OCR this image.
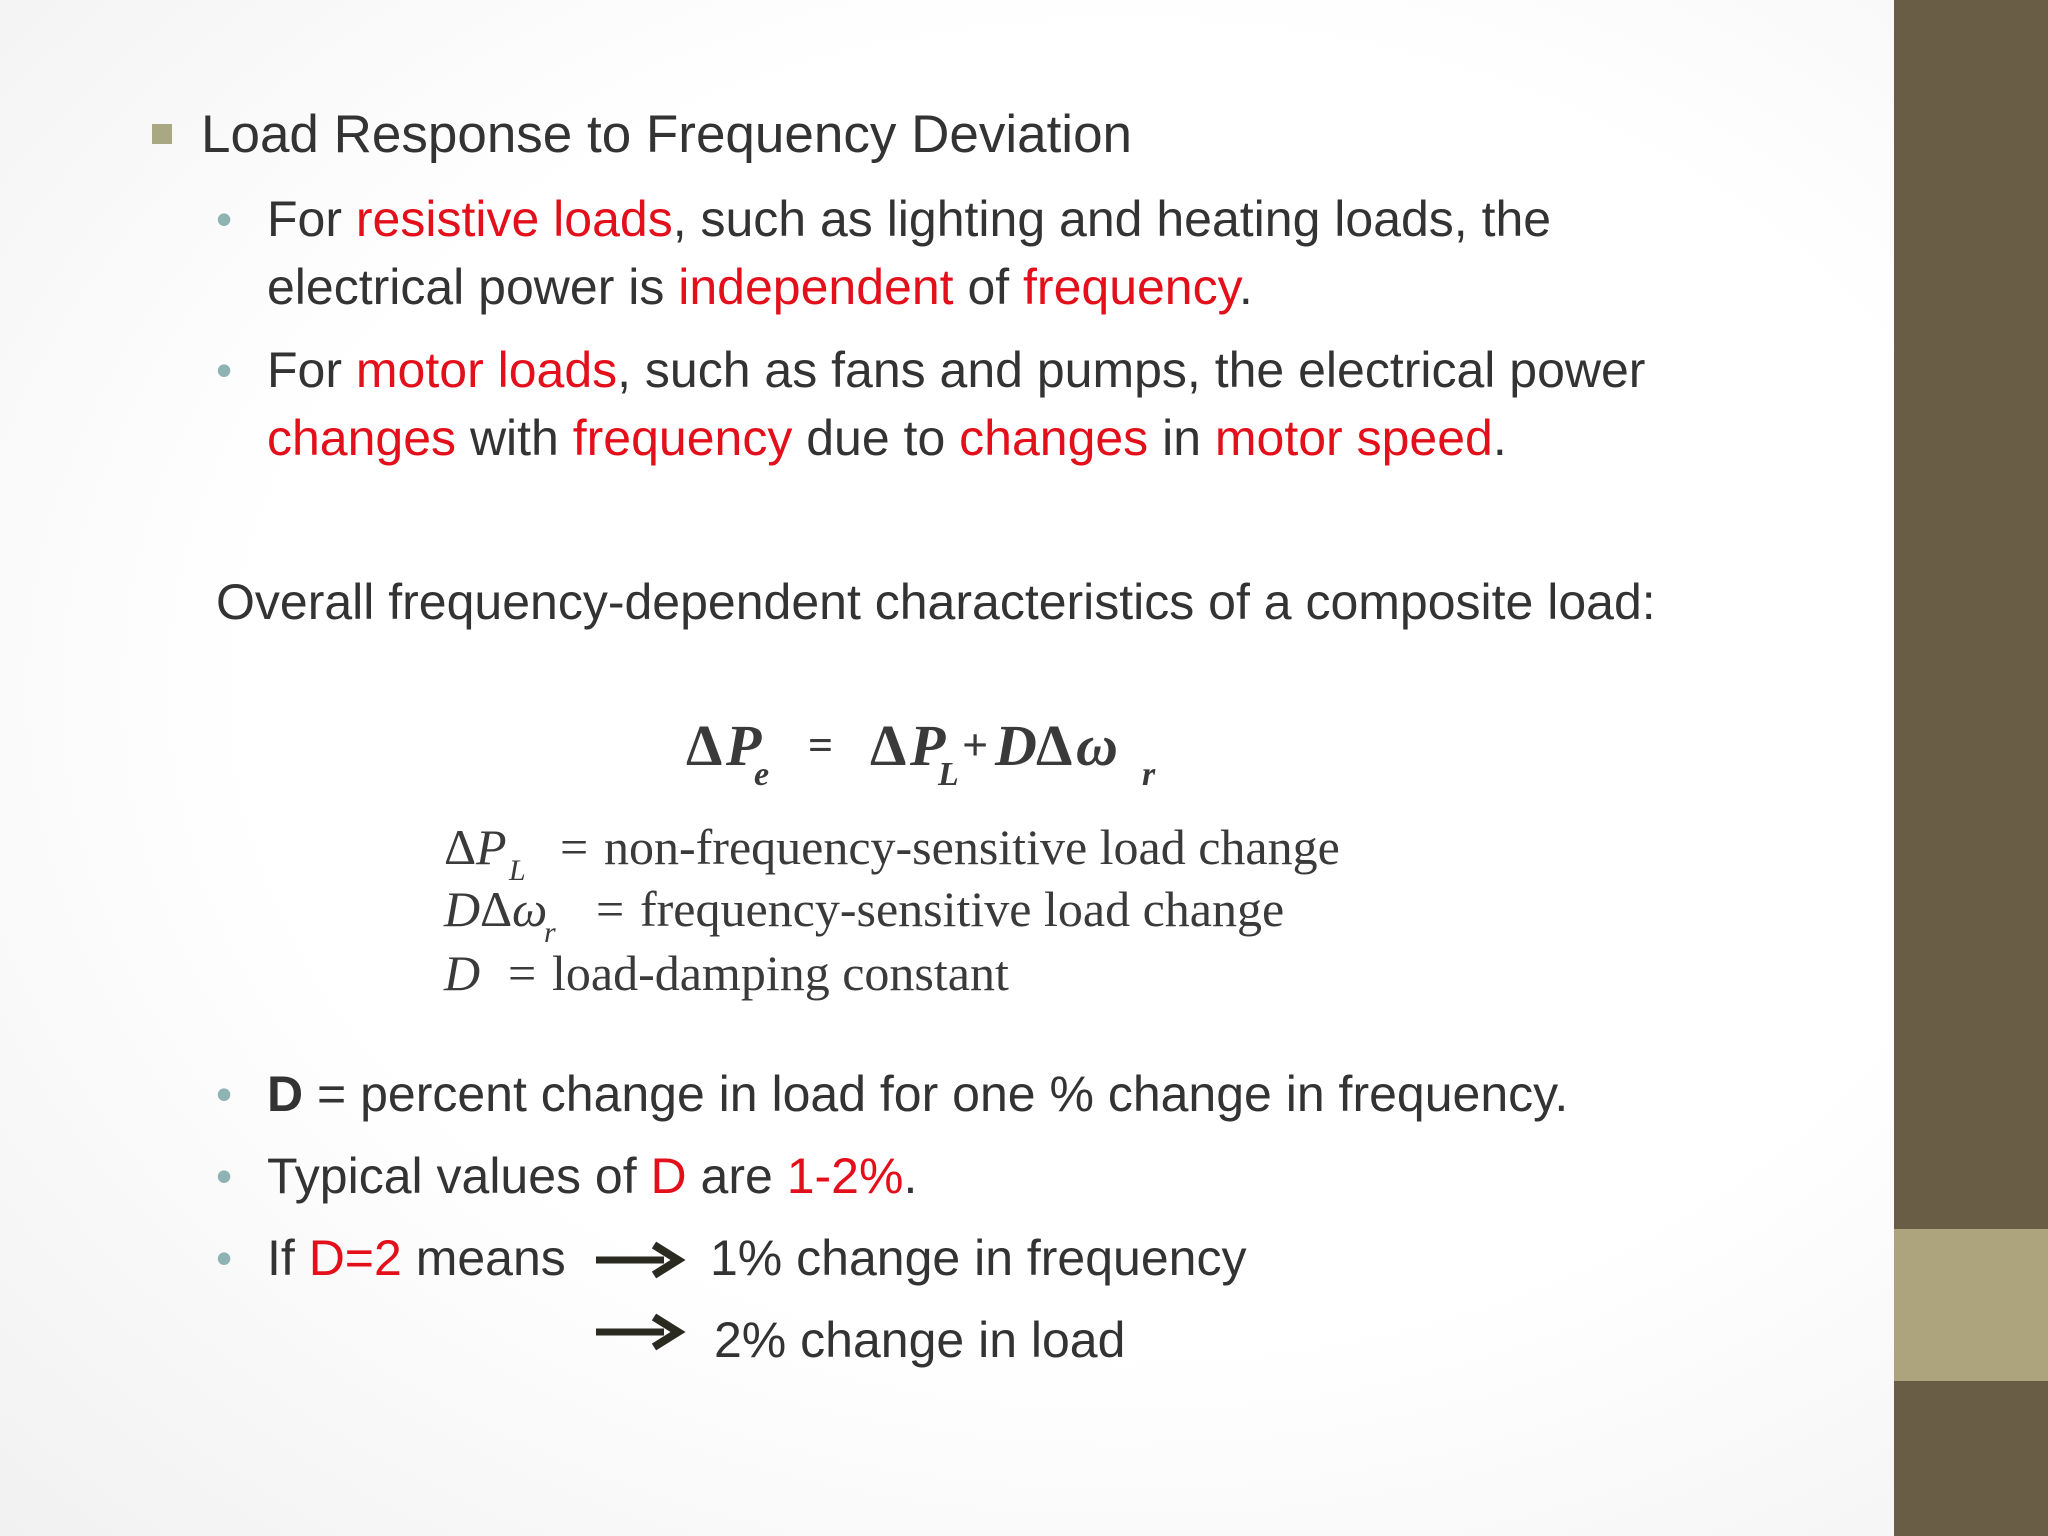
Load Response to Frequency Deviation
• For resistive loads, such as lighting and heating loads, the
electrical power is independent of frequency.
• For motor loads, such as fans and pumps, the electrical power
changes with frequency due to changes in motor speed.
Overall frequency-dependent characteristics of a composite load:
Δ P
e
= Δ P
L
+ D Δ ω r
Δ P L = non-frequency-sensitive load change
D Δ ω
r = frequency-sensitive load change
D = load-damping constant
• D = percent change in load for one % change in frequency.
• Typical values of D are 1-2%.
• If D=2 means	1% change in frequency
2% change in load
